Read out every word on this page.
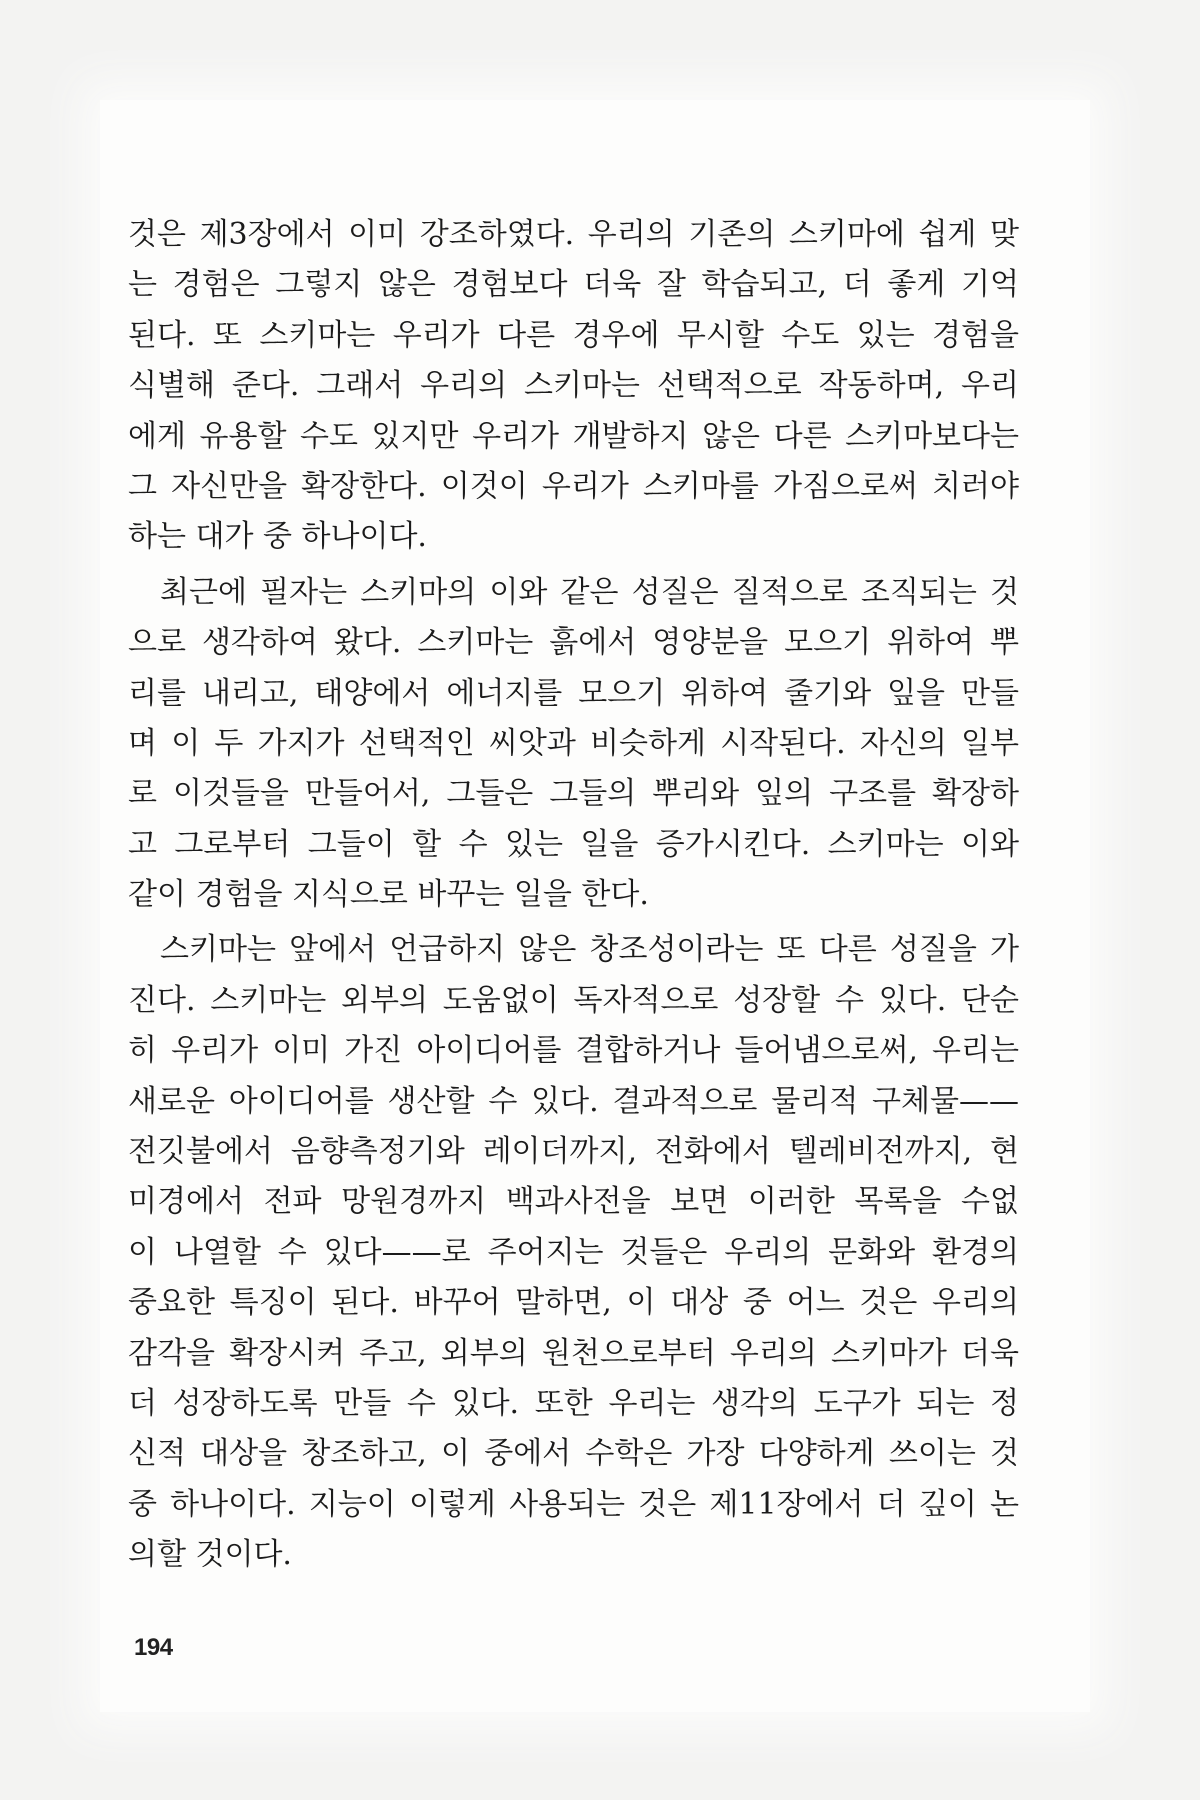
것은 제3장에서 이미 강조하였다. 우리의 기존의 스키마에 쉽게 맞
는 경험은 그렇지 않은 경험보다 더욱 잘 학습되고, 더 좋게 기억
된다. 또 스키마는 우리가 다른 경우에 무시할 수도 있는 경험을
식별해 준다. 그래서 우리의 스키마는 선택적으로 작동하며, 우리
에게 유용할 수도 있지만 우리가 개발하지 않은 다른 스키마보다는
그 자신만을 확장한다. 이것이 우리가 스키마를 가짐으로써 치러야
하는 대가 중 하나이다.
최근에 필자는 스키마의 이와 같은 성질은 질적으로 조직되는 것
으로 생각하여 왔다. 스키마는 흙에서 영양분을 모으기 위하여 뿌
리를 내리고, 태양에서 에너지를 모으기 위하여 줄기와 잎을 만들
며 이 두 가지가 선택적인 씨앗과 비슷하게 시작된다. 자신의 일부
로 이것들을 만들어서, 그들은 그들의 뿌리와 잎의 구조를 확장하
고 그로부터 그들이 할 수 있는 일을 증가시킨다. 스키마는 이와
같이 경험을 지식으로 바꾸는 일을 한다.
스키마는 앞에서 언급하지 않은 창조성이라는 또 다른 성질을 가
진다. 스키마는 외부의 도움없이 독자적으로 성장할 수 있다. 단순
히 우리가 이미 가진 아이디어를 결합하거나 들어냄으로써, 우리는
새로운 아이디어를 생산할 수 있다. 결과적으로 물리적 구체물——
전깃불에서 음향측정기와 레이더까지, 전화에서 텔레비전까지, 현
미경에서 전파 망원경까지 백과사전을 보면 이러한 목록을 수없
이 나열할 수 있다——로 주어지는 것들은 우리의 문화와 환경의
중요한 특징이 된다. 바꾸어 말하면, 이 대상 중 어느 것은 우리의
감각을 확장시켜 주고, 외부의 원천으로부터 우리의 스키마가 더욱
더 성장하도록 만들 수 있다. 또한 우리는 생각의 도구가 되는 정
신적 대상을 창조하고, 이 중에서 수학은 가장 다양하게 쓰이는 것
중 하나이다. 지능이 이렇게 사용되는 것은 제11장에서 더 깊이 논
의할 것이다.
194
